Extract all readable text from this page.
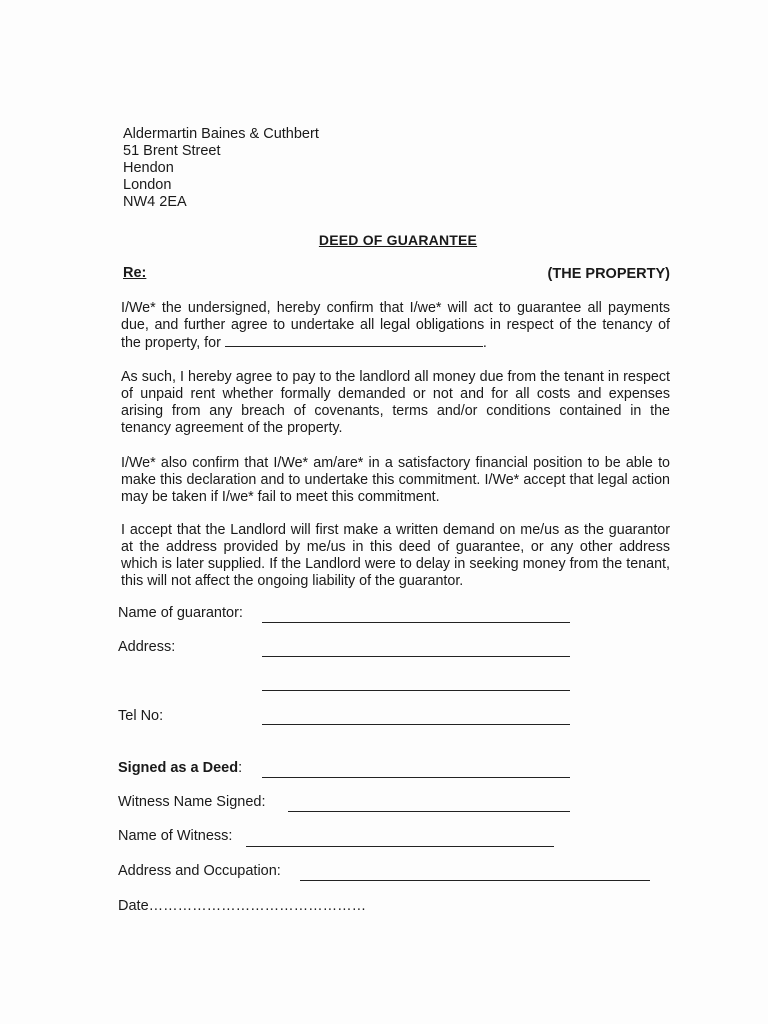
Aldermartin Baines & Cuthbert
51 Brent Street
Hendon
London
NW4 2EA
DEED OF GUARANTEE
Re:	(THE PROPERTY)
I/We* the undersigned, hereby confirm that I/we* will act to guarantee all payments due, and further agree to undertake all legal obligations in respect of the tenancy of the property, for	.
As such, I hereby agree to pay to the landlord all money due from the tenant in respect of unpaid rent whether formally demanded or not and for all costs and expenses arising from any breach of covenants, terms and/or conditions contained in the tenancy agreement of the property.
I/We* also confirm that I/We* am/are* in a satisfactory financial position to be able to make this declaration and to undertake this commitment. I/We* accept that legal action may be taken if I/we* fail to meet this commitment.
I accept that the Landlord will first make a written demand on me/us as the guarantor at the address provided by me/us in this deed of guarantee, or any other address which is later supplied. If the Landlord were to delay in seeking money from the tenant, this will not affect the ongoing liability of the guarantor.
Name of guarantor:
Address:
Tel No:
Signed as a Deed:
Witness Name Signed:
Name of Witness:
Address and Occupation:
Date………………………………………
